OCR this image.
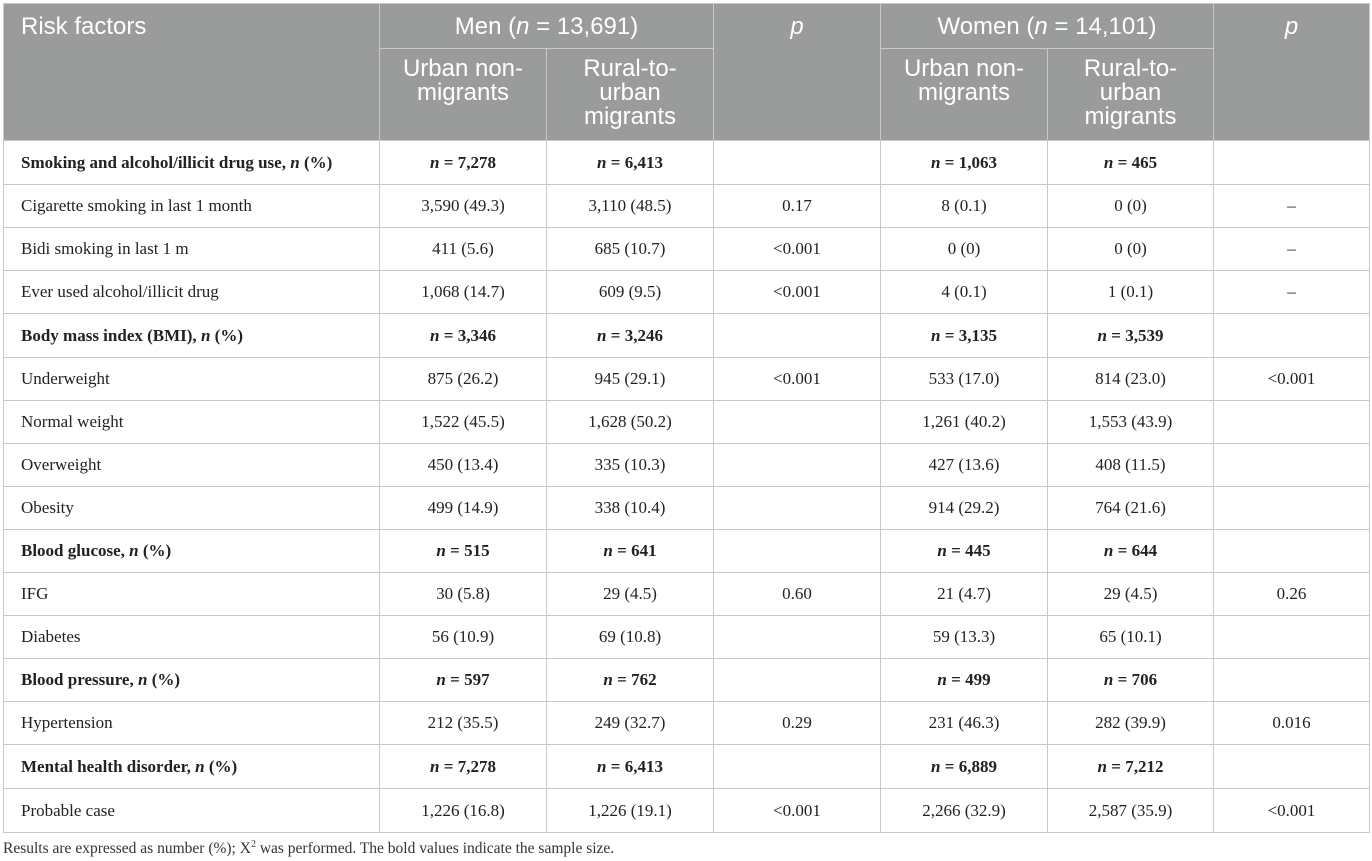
Risk factors	Men (n = 13,691)		p	Women (n = 14,101)		p
	Urban non-migrants	Rural-to-urban migrants		Urban non-migrants	Rural-to-urban migrants	
Smoking and alcohol/illicit drug use, n (%)	n = 7,278	n = 6,413		n = 1,063	n = 465	
Cigarette smoking in last 1 month	3,590 (49.3)	3,110 (48.5)	0.17	8 (0.1)	0 (0)	–
Bidi smoking in last 1 m	411 (5.6)	685 (10.7)	<0.001	0 (0)	0 (0)	–
Ever used alcohol/illicit drug	1,068 (14.7)	609 (9.5)	<0.001	4 (0.1)	1 (0.1)	–
Body mass index (BMI), n (%)	n = 3,346	n = 3,246		n = 3,135	n = 3,539	
Underweight	875 (26.2)	945 (29.1)	<0.001	533 (17.0)	814 (23.0)	<0.001
Normal weight	1,522 (45.5)	1,628 (50.2)		1,261 (40.2)	1,553 (43.9)	
Overweight	450 (13.4)	335 (10.3)		427 (13.6)	408 (11.5)	
Obesity	499 (14.9)	338 (10.4)		914 (29.2)	764 (21.6)	
Blood glucose, n (%)	n = 515	n = 641		n = 445	n = 644	
IFG	30 (5.8)	29 (4.5)	0.60	21 (4.7)	29 (4.5)	0.26
Diabetes	56 (10.9)	69 (10.8)		59 (13.3)	65 (10.1)	
Blood pressure, n (%)	n = 597	n = 762		n = 499	n = 706	
Hypertension	212 (35.5)	249 (32.7)	0.29	231 (46.3)	282 (39.9)	0.016
Mental health disorder, n (%)	n = 7,278	n = 6,413		n = 6,889	n = 7,212	
Probable case	1,226 (16.8)	1,226 (19.1)	<0.001	2,266 (32.9)	2,587 (35.9)	<0.001
Results are expressed as number (%); $X^2$ was performed. The bold values indicate the sample size.
